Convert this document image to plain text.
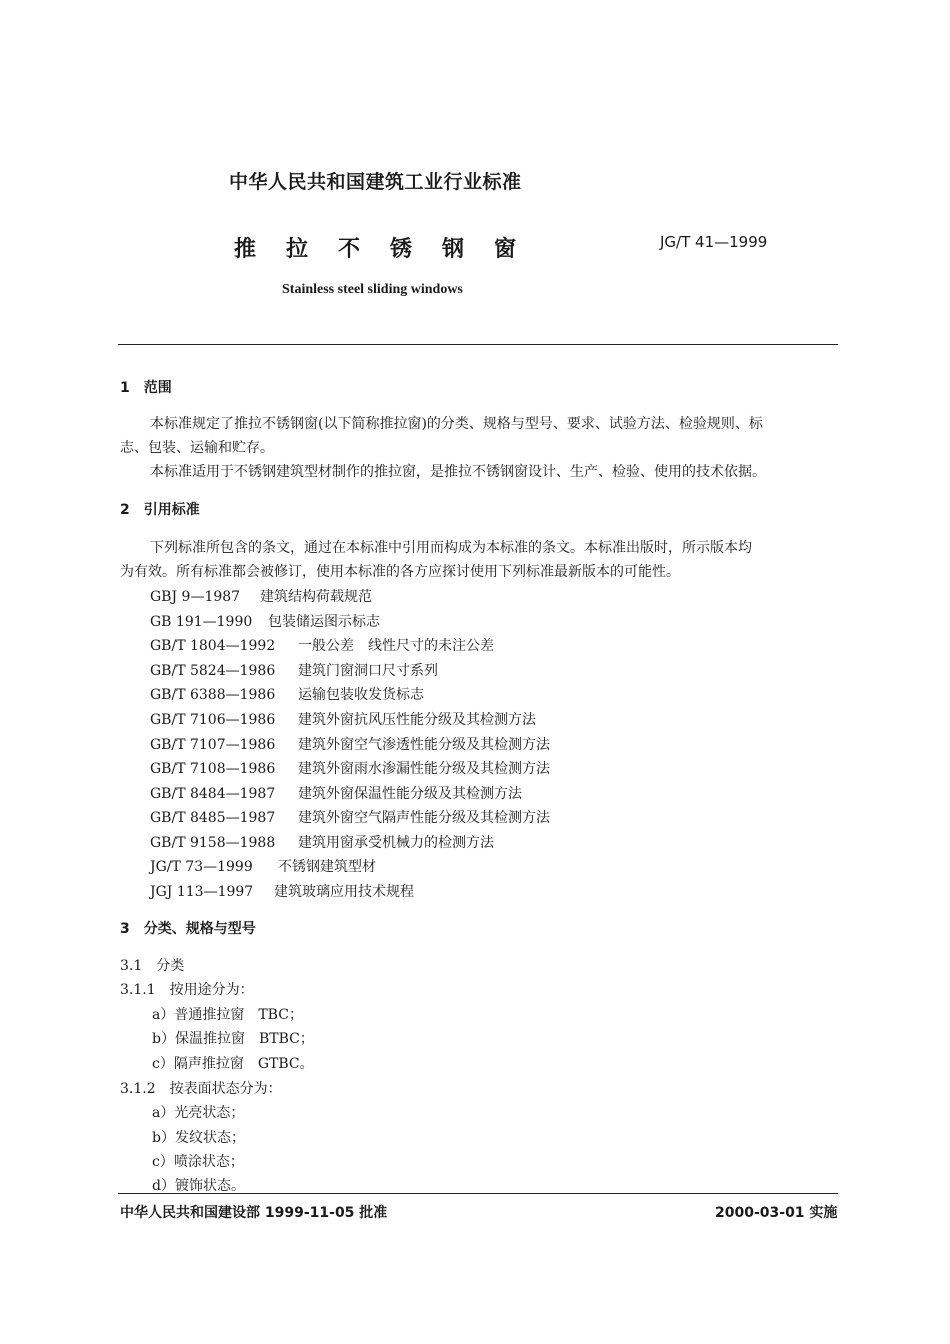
中华人民共和国建筑工业行业标准
推拉不锈钢窗	JG/T 41—1999
Stainless steel sliding windows
1　范围
本标准规定了推拉不锈钢窗(以下简称推拉窗)的分类、规格与型号、要求、试验方法、检验规则、标
志、包装、运输和贮存。
本标准适用于不锈钢建筑型材制作的推拉窗，是推拉不锈钢窗设计、生产、检验、使用的技术依据。
2　引用标准
下列标准所包含的条文，通过在本标准中引用而构成为本标准的条文。本标准出版时，所示版本均
为有效。所有标准都会被修订，使用本标准的各方应探讨使用下列标准最新版本的可能性。
GBJ 9—1987 建筑结构荷载规范
GB 191—1990 包装储运图示标志
GB/T 1804—1992 一般公差　线性尺寸的未注公差
GB/T 5824—1986 建筑门窗洞口尺寸系列
GB/T 6388—1986 运输包装收发货标志
GB/T 7106—1986 建筑外窗抗风压性能分级及其检测方法
GB/T 7107—1986 建筑外窗空气渗透性能分级及其检测方法
GB/T 7108—1986 建筑外窗雨水渗漏性能分级及其检测方法
GB/T 8484—1987 建筑外窗保温性能分级及其检测方法
GB/T 8485—1987 建筑外窗空气隔声性能分级及其检测方法
GB/T 9158—1988 建筑用窗承受机械力的检测方法
JG/T 73—1999 不锈钢建筑型材
JGJ 113—1997 建筑玻璃应用技术规程
3　分类、规格与型号
3.1　分类
3.1.1　按用途分为：
a）普通推拉窗　TBC；
b）保温推拉窗　BTBC；
c）隔声推拉窗　GTBC。
3.1.2　按表面状态分为：
a）光亮状态；
b）发纹状态；
c）喷涂状态；
d）镀饰状态。
中华人民共和国建设部 1999-11-05 批准	2000-03-01 实施
